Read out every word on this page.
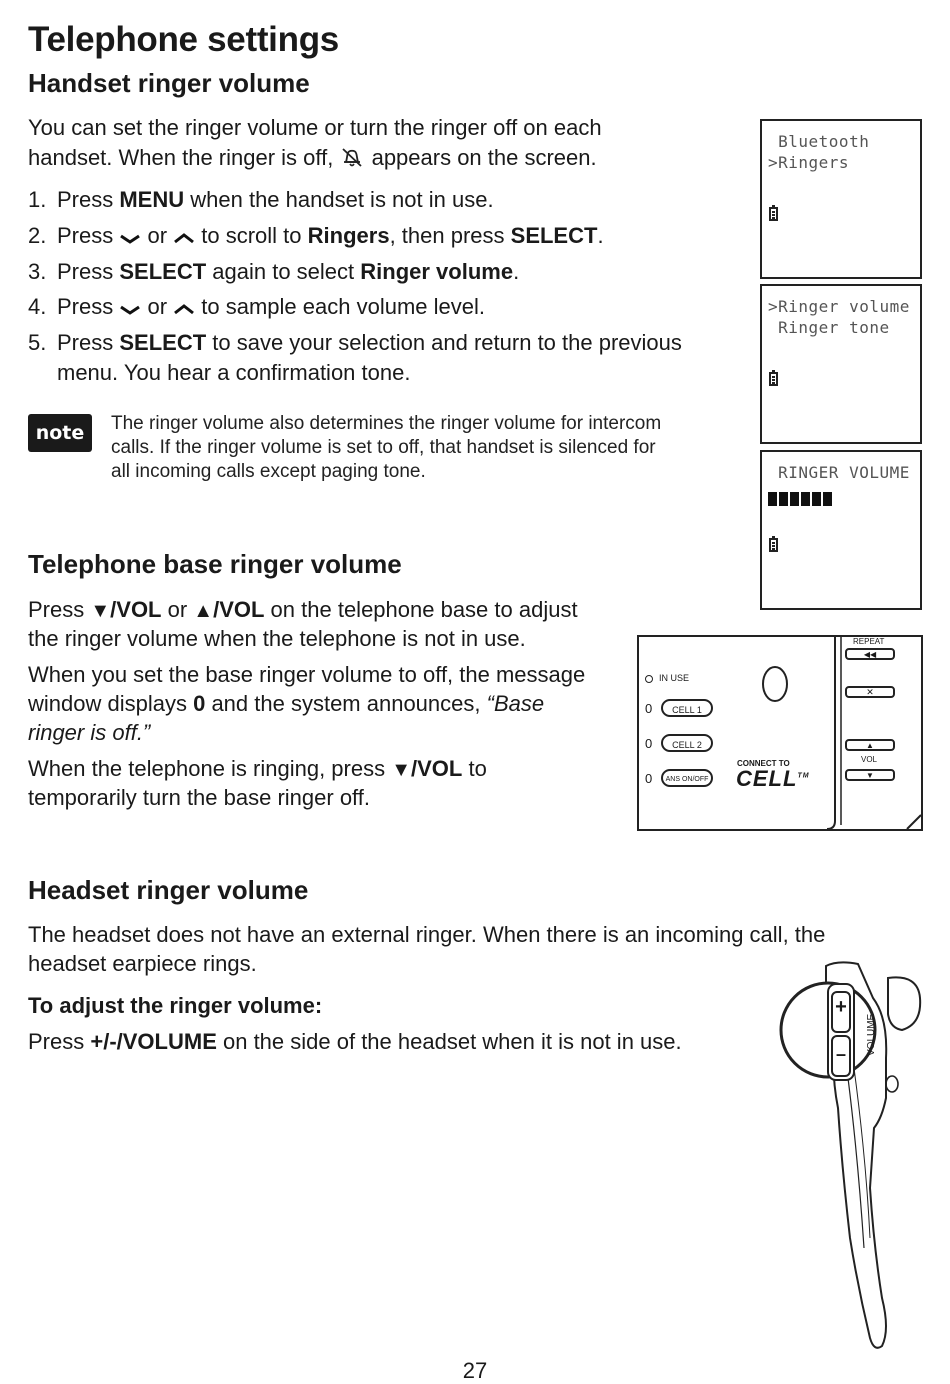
Telephone settings
Handset ringer volume
You can set the ringer volume or turn the ringer off on each
handset. When the ringer is off, appears on the screen.
1. Press MENU when the handset is not in use.
2. Press  or  to scroll to Ringers, then press SELECT.
3. Press SELECT again to select Ringer volume.
4. Press  or  to sample each volume level.
5. Press SELECT to save your selection and return to the previous
menu. You hear a confirmation tone.
note	The ringer volume also determines the ringer volume for intercom
calls. If the ringer volume is set to off, that handset is silenced for
all incoming calls except paging tone.
Bluetooth
>Ringers
>Ringer volume
Ringer tone
RINGER VOLUME
Telephone base ringer volume
Press ▼/VOL or ▲/VOL on the telephone base to adjust
the ringer volume when the telephone is not in use.
When you set the base ringer volume to off, the message
window displays 0 and the system announces, “Base
ringer is off.”
When the telephone is ringing, press ▼/VOL to
temporarily turn the base ringer off.
IN USE
0	CELL 1
0	CELL 2
0	ANS ON/OFF
CONNECT TO
CELL™
REPEAT
◀◀
✕
▲
VOL
▼
Headset ringer volume
The headset does not have an external ringer. When there is an incoming call, the
headset earpiece rings.
To adjust the ringer volume:
Press +/-/VOLUME on the side of the headset when it is not in use.
+
– VOLUME
27
